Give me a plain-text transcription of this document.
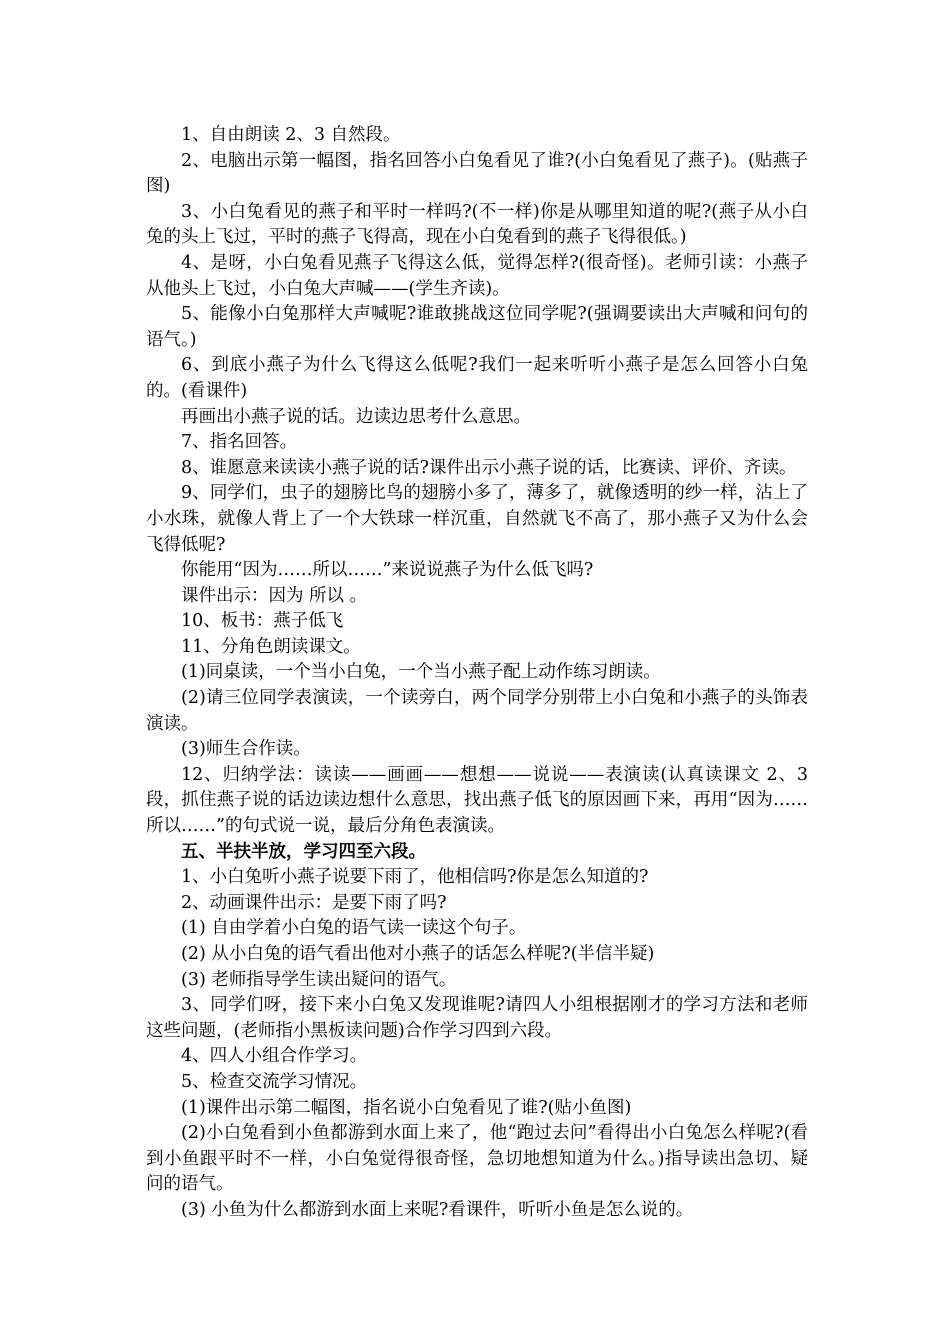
1、自由朗读 2、3 自然段。

2、电脑出示第一幅图，指名回答小白兔看见了谁?(小白兔看见了燕子)。(贴燕子图)

3、小白兔看见的燕子和平时一样吗?(不一样)你是从哪里知道的呢?(燕子从小白兔的头上飞过，平时的燕子飞得高，现在小白兔看到的燕子飞得很低。)

4、是呀，小白兔看见燕子飞得这么低，觉得怎样?(很奇怪)。老师引读：小燕子从他头上飞过，小白兔大声喊——(学生齐读)。

5、能像小白兔那样大声喊呢?谁敢挑战这位同学呢?(强调要读出大声喊和问句的语气。)

6、到底小燕子为什么飞得这么低呢?我们一起来听听小燕子是怎么回答小白兔的。(看课件)

再画出小燕子说的话。边读边思考什么意思。

7、指名回答。

8、谁愿意来读读小燕子说的话?课件出示小燕子说的话，比赛读、评价、齐读。

9、同学们，虫子的翅膀比鸟的翅膀小多了，薄多了，就像透明的纱一样，沾上了小水珠，就像人背上了一个大铁球一样沉重，自然就飞不高了，那小燕子又为什么会飞得低呢?

你能用“因为……所以……”来说说燕子为什么低飞吗?

课件出示：因为 所以 。

10、板书：燕子低飞

11、分角色朗读课文。

(1)同桌读，一个当小白兔，一个当小燕子配上动作练习朗读。

(2)请三位同学表演读，一个读旁白，两个同学分别带上小白兔和小燕子的头饰表演读。

(3)师生合作读。

12、归纳学法：读读——画画——想想——说说——表演读(认真读课文 2、3 段，抓住燕子说的话边读边想什么意思，找出燕子低飞的原因画下来，再用“因为……所以……”的句式说一说，最后分角色表演读。

五、半扶半放，学习四至六段。

1、小白兔听小燕子说要下雨了，他相信吗?你是怎么知道的?

2、动画课件出示：是要下雨了吗?

(1) 自由学着小白兔的语气读一读这个句子。

(2) 从小白兔的语气看出他对小燕子的话怎么样呢?(半信半疑)

(3) 老师指导学生读出疑问的语气。

3、同学们呀，接下来小白兔又发现谁呢?请四人小组根据刚才的学习方法和老师这些问题，(老师指小黑板读问题)合作学习四到六段。

4、四人小组合作学习。

5、检查交流学习情况。

(1)课件出示第二幅图，指名说小白兔看见了谁?(贴小鱼图)

(2)小白兔看到小鱼都游到水面上来了，他“跑过去问”看得出小白兔怎么样呢?(看到小鱼跟平时不一样，小白兔觉得很奇怪，急切地想知道为什么。)指导读出急切、疑问的语气。

(3) 小鱼为什么都游到水面上来呢?看课件，听听小鱼是怎么说的。
